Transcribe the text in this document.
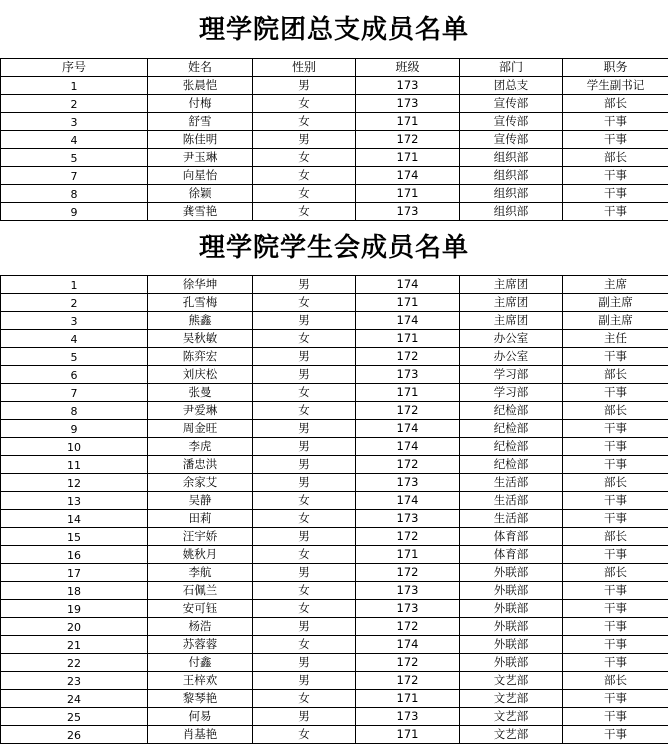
理学院团总支成员名单
序号	姓名	性别	班级	部门	职务
1	张晨恺	男	173	团总支	学生副书记
2	付梅	女	173	宣传部	部长
3	舒雪	女	171	宣传部	干事
4	陈佳明	男	172	宣传部	干事
5	尹玉琳	女	171	组织部	部长
7	向星怡	女	174	组织部	干事
8	徐颖	女	171	组织部	干事
9	龚雪艳	女	173	组织部	干事
理学院学生会成员名单
1	徐华坤	男	174	主席团	主席
2	孔雪梅	女	171	主席团	副主席
3	熊鑫	男	174	主席团	副主席
4	吴秋敏	女	171	办公室	主任
5	陈弈宏	男	172	办公室	干事
6	刘庆松	男	173	学习部	部长
7	张曼	女	171	学习部	干事
8	尹爱琳	女	172	纪检部	部长
9	周金旺	男	174	纪检部	干事
10	李虎	男	174	纪检部	干事
11	潘忠洪	男	172	纪检部	干事
12	余家艾	男	173	生活部	部长
13	吴静	女	174	生活部	干事
14	田莉	女	173	生活部	干事
15	汪宇娇	男	172	体育部	部长
16	姚秋月	女	171	体育部	干事
17	李航	男	172	外联部	部长
18	石佩兰	女	173	外联部	干事
19	安可钰	女	173	外联部	干事
20	杨浩	男	172	外联部	干事
21	苏蓉蓉	女	174	外联部	干事
22	付鑫	男	172	外联部	干事
23	王梓欢	男	172	文艺部	部长
24	黎琴艳	女	171	文艺部	干事
25	何易	男	173	文艺部	干事
26	肖基艳	女	171	文艺部	干事
